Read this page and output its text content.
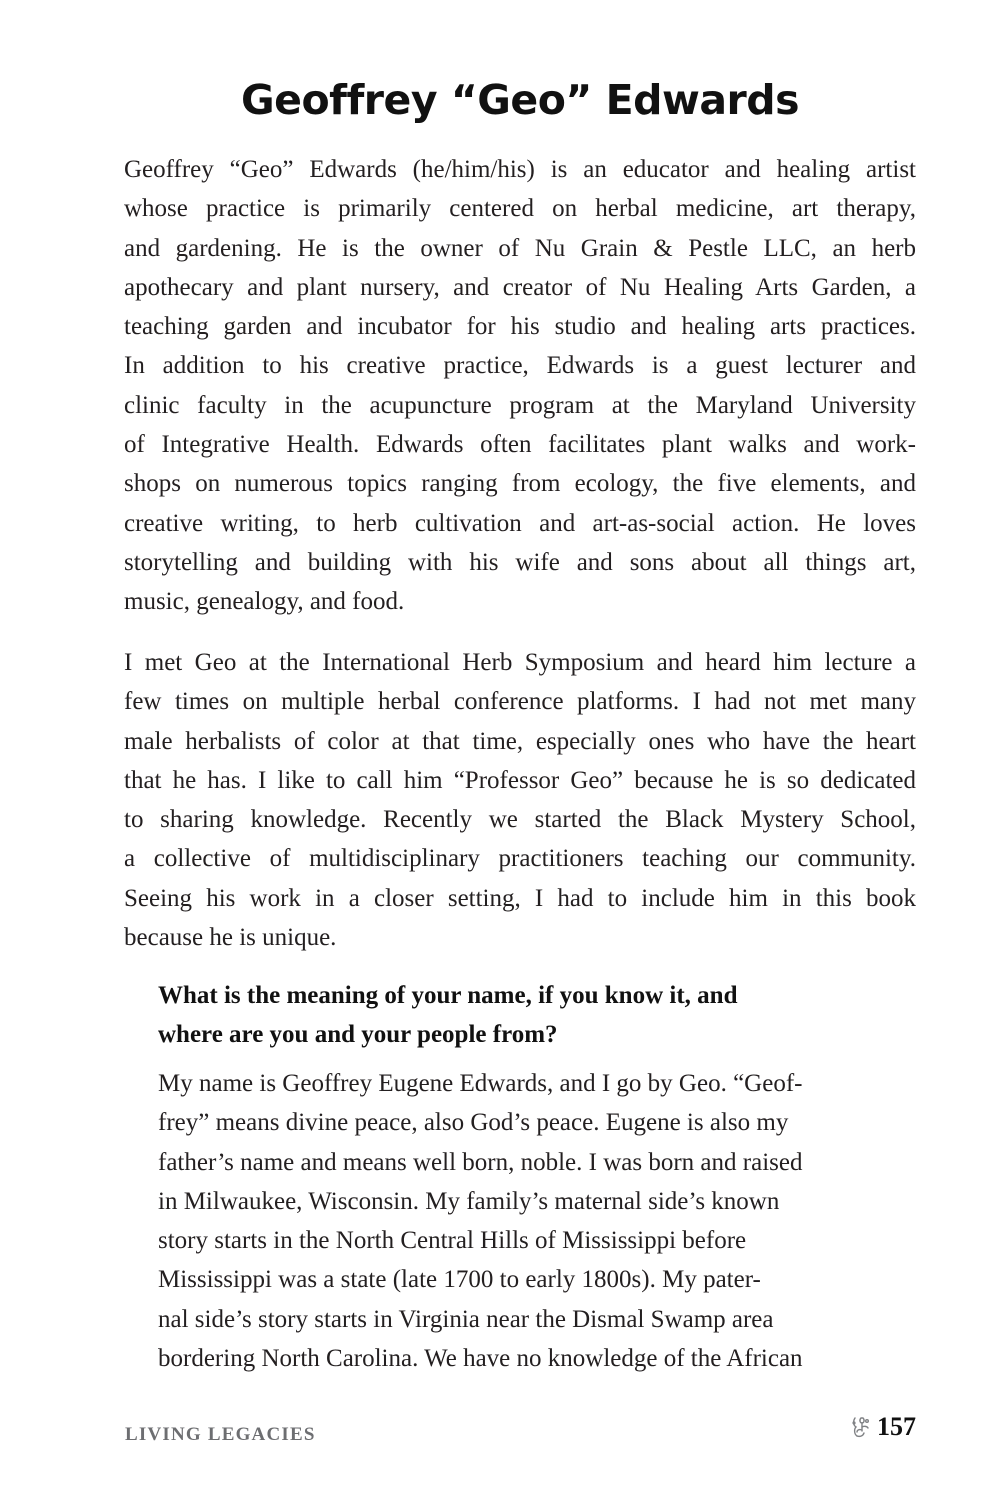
Geoffrey “Geo” Edwards
Geoffrey “Geo” Edwards (he/him/his) is an educator and healing artist
whose practice is primarily centered on herbal medicine, art therapy,
and gardening. He is the owner of Nu Grain & Pestle LLC, an herb
apothecary and plant nursery, and creator of Nu Healing Arts Garden, a
teaching garden and incubator for his studio and healing arts practices.
In addition to his creative practice, Edwards is a guest lecturer and
clinic faculty in the acupuncture program at the Maryland University
of Integrative Health. Edwards often facilitates plant walks and work-
shops on numerous topics ranging from ecology, the five elements, and
creative writing, to herb cultivation and art-as-social action. He loves
storytelling and building with his wife and sons about all things art,
music, genealogy, and food.
I met Geo at the International Herb Symposium and heard him lecture a
few times on multiple herbal conference platforms. I had not met many
male herbalists of color at that time, especially ones who have the heart
that he has. I like to call him “Professor Geo” because he is so dedicated
to sharing knowledge. Recently we started the Black Mystery School,
a collective of multidisciplinary practitioners teaching our community.
Seeing his work in a closer setting, I had to include him in this book
because he is unique.
What is the meaning of your name, if you know it, and
where are you and your people from?
My name is Geoffrey Eugene Edwards, and I go by Geo. “Geof-
frey” means divine peace, also God’s peace. Eugene is also my
father’s name and means well born, noble. I was born and raised
in Milwaukee, Wisconsin. My family’s maternal side’s known
story starts in the North Central Hills of Mississippi before
Mississippi was a state (late 1700 to early 1800s). My pater-
nal side’s story starts in Virginia near the Dismal Swamp area
bordering North Carolina. We have no knowledge of the African
LIVING LEGACIES	157
